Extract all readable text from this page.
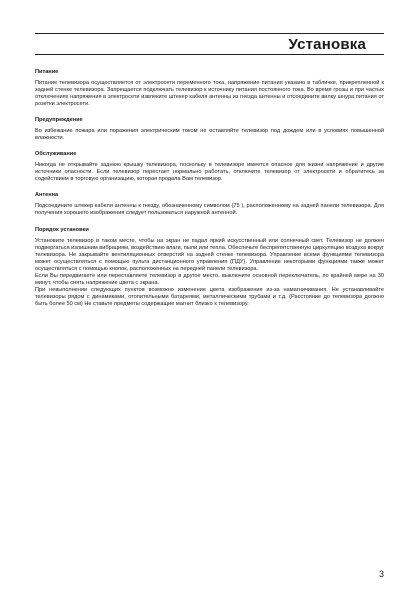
Установка

Питание

Питание телевизора осуществляется от электросети переменного тока, напряжение питания указано в табличке, прикрепленной к задней стенке телевизора. Запрещается подключать телевизор к источнику питания постоянного тока. Во время грозы и при частых отключениях напряжения в электросети извлеките штекер кабеля антенны из гнезда антенны и отсоедините вилку шнура питания от розетки электросети.

Предупреждение

Во избежание пожара или поражения электрическим током не оставляйте телевизор под дождем или в условиях повышенной влажности.

Обслуживание

Никогда не открывайте заднюю крышку телевизора, поскольку в телевизоре имеется опасное для жизни напряжение и другие источники опасности. Если телевизор перестает нормально работать, отключите телевизор от электросети и обратитесь за содействием в торговую организацию, которая продала Вам телевизор.

Антенна

Подсоедините штекер кабеля антенны к гнезду, обозначенному символом (75 ), расположенному на задней панели телевизора. Для получения хорошего изображения следует пользоваться наружной антенной.

Порядок установки

Установите телевизор в таком месте, чтобы на экран не падал яркий искусственный или солнечный свет. Телевизор не должен подвергаться излишним вибрациям, воздействию влаги, пыли или тепла. Обеспечьте беспрепятственную циркуляцию воздуха вокруг телевизора. Не закрывайте вентиляционных отверстий на задней стенке телевизора. Управление всеми функциями телевизора может осуществляться с помощью пульта дистанционного управления (ПДУ). Управление некоторыми функциями также может осуществляться с помощью кнопок, расположенных на передней панели телевизора.

Если Вы передвигаете или переставляете телевизор в другое место, выключите основной переключатель, по крайней мере на 30 минут, чтобы снять напряжение цвета с экрана.

При невыполнении следующих пунктов возможно изменение цвета изображения из-за намагничивания. Не устанавливайте телевизоры рядом с динамиками, отопительными батареями, металлическими трубами и т.д. (Расстояние до телевизора должно быть более 50 см) Не ставьте предметы содержащие магнит близко к телевизору.

3
